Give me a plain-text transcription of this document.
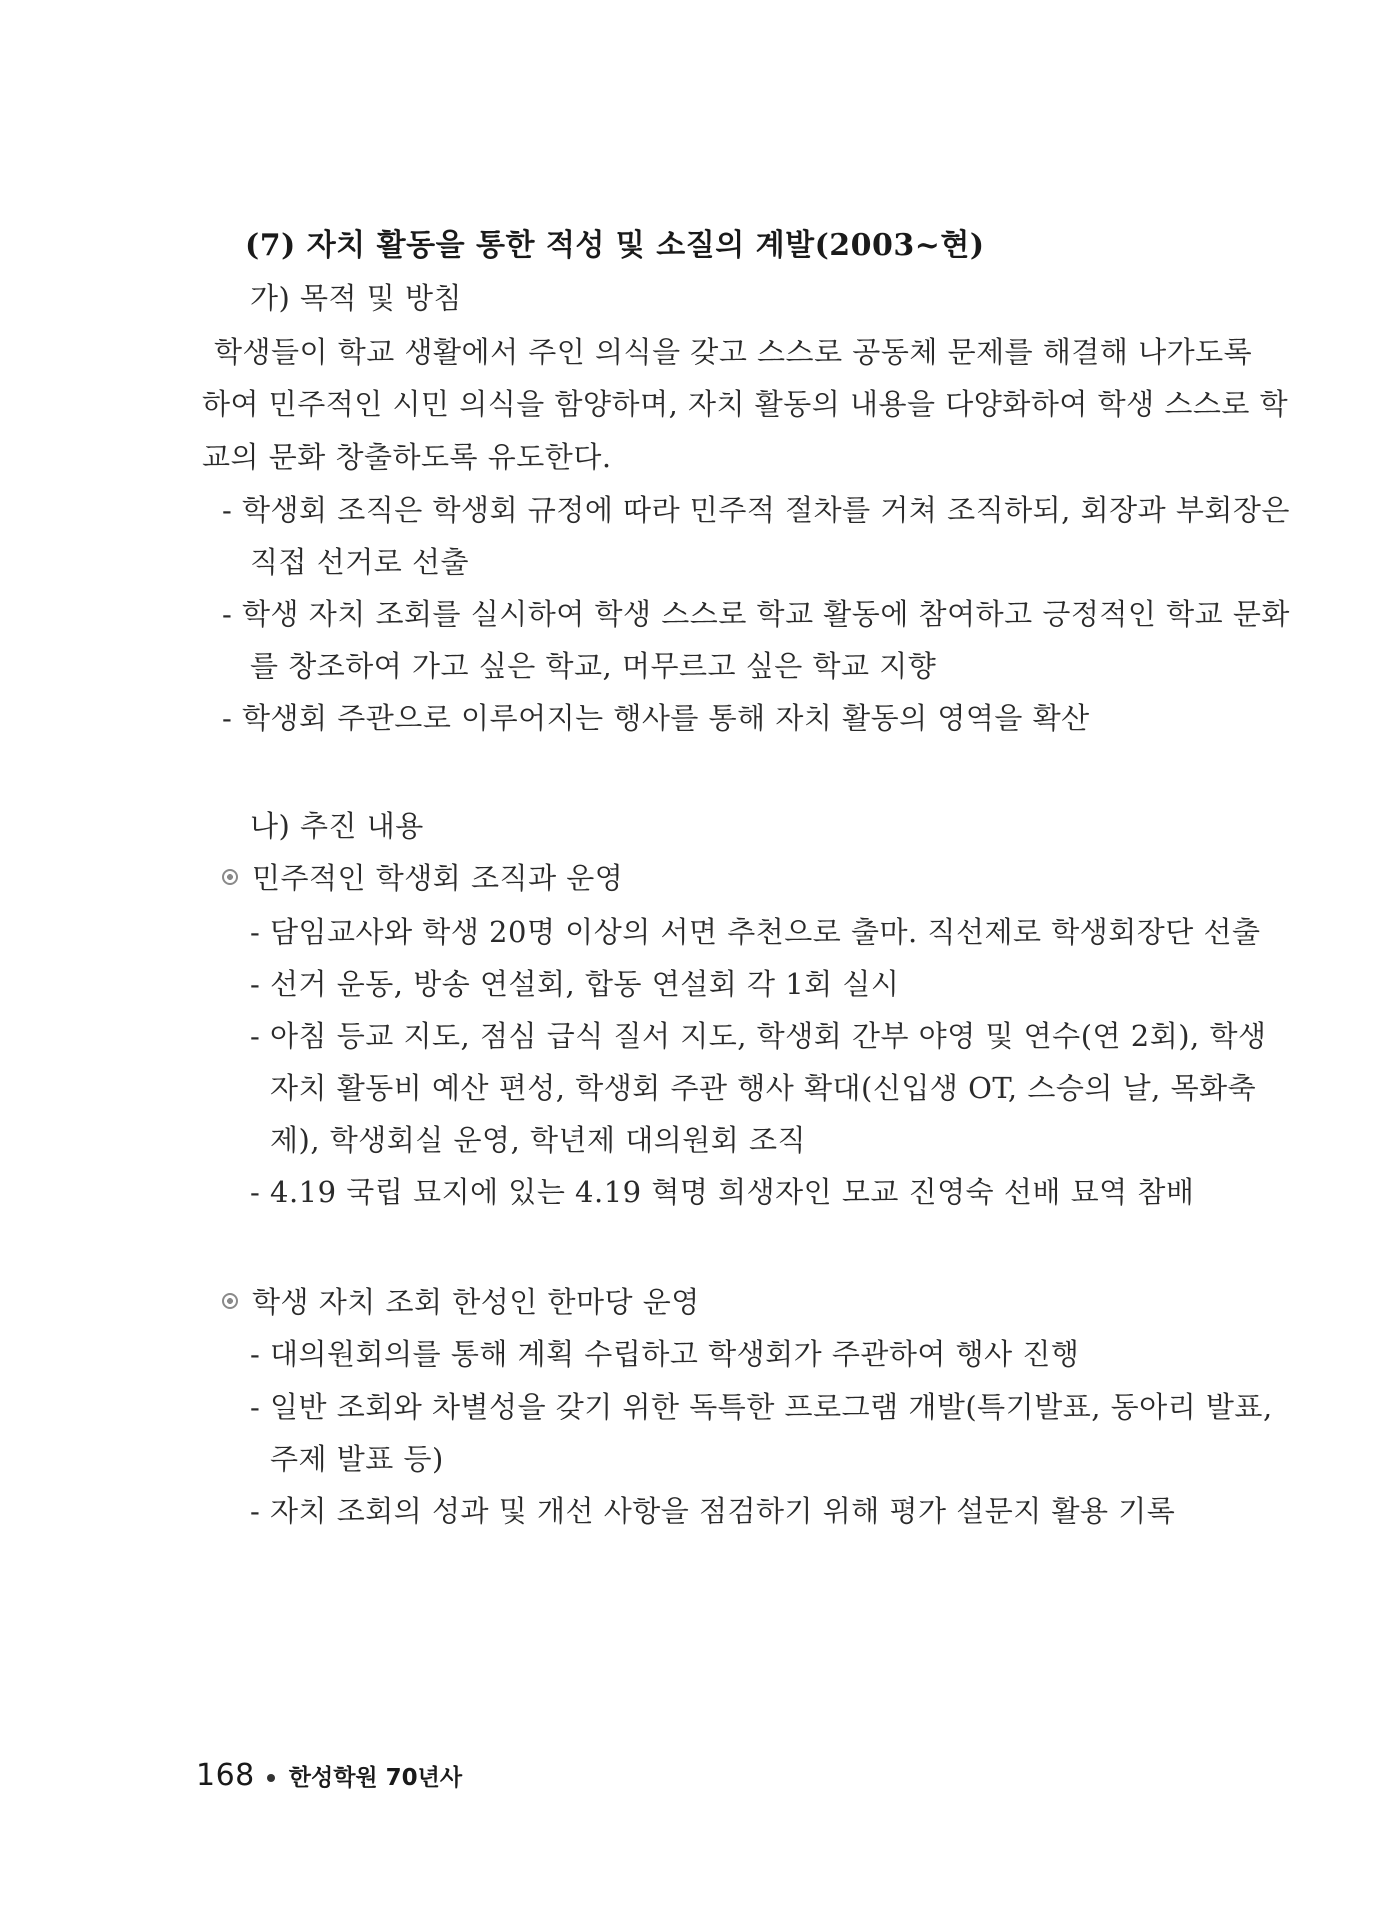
(7) 자치 활동을 통한 적성 및 소질의 계발(2003~현)
가) 목적 및 방침
학생들이 학교 생활에서 주인 의식을 갖고 스스로 공동체 문제를 해결해 나가도록
하여 민주적인 시민 의식을 함양하며, 자치 활동의 내용을 다양화하여 학생 스스로 학
교의 문화 창출하도록 유도한다.
- 학생회 조직은 학생회 규정에 따라 민주적 절차를 거쳐 조직하되, 회장과 부회장은
직접 선거로 선출
- 학생 자치 조회를 실시하여 학생 스스로 학교 활동에 참여하고 긍정적인 학교 문화
를 창조하여 가고 싶은 학교, 머무르고 싶은 학교 지향
- 학생회 주관으로 이루어지는 행사를 통해 자치 활동의 영역을 확산
나) 추진 내용
민주적인 학생회 조직과 운영
- 담임교사와 학생 20명 이상의 서면 추천으로 출마. 직선제로 학생회장단 선출
- 선거 운동, 방송 연설회, 합동 연설회 각 1회 실시
- 아침 등교 지도, 점심 급식 질서 지도, 학생회 간부 야영 및 연수(연 2회), 학생
자치 활동비 예산 편성, 학생회 주관 행사 확대(신입생 OT, 스승의 날, 목화축
제), 학생회실 운영, 학년제 대의원회 조직
- 4.19 국립 묘지에 있는 4.19 혁명 희생자인 모교 진영숙 선배 묘역 참배
학생 자치 조회 한성인 한마당 운영
- 대의원회의를 통해 계획 수립하고 학생회가 주관하여 행사 진행
- 일반 조회와 차별성을 갖기 위한 독특한 프로그램 개발(특기발표, 동아리 발표,
주제 발표 등)
- 자치 조회의 성과 및 개선 사항을 점검하기 위해 평가 설문지 활용 기록
168 한성학원 70년사
